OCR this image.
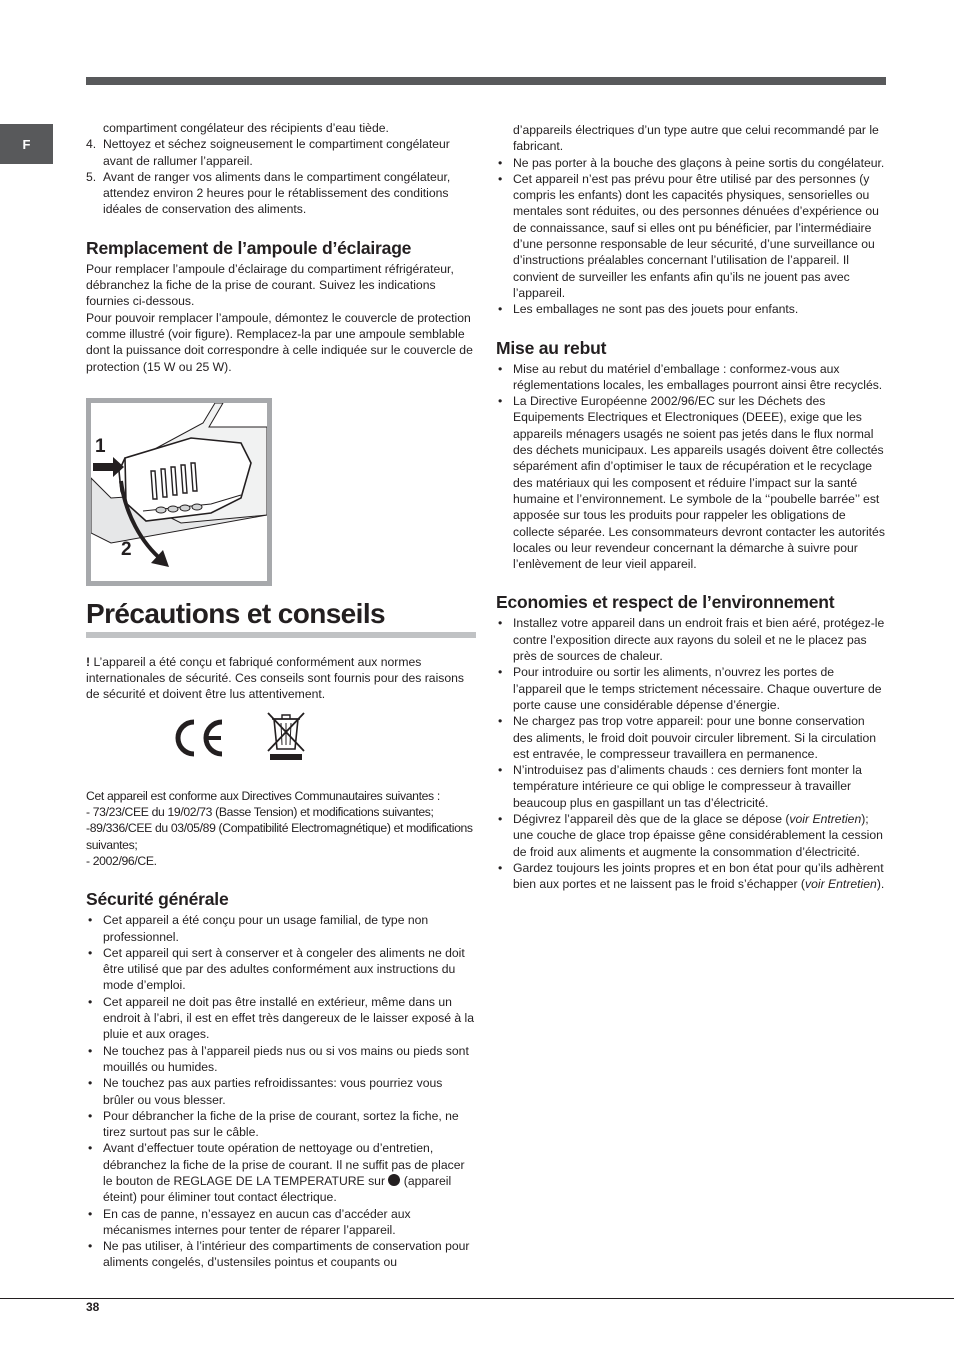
F

compartiment congélateur des récipients d’eau tiède.

4. Nettoyez et séchez soigneusement le compartiment congélateur avant de rallumer l’appareil.
5. Avant de ranger vos aliments dans le compartiment congélateur, attendez environ 2 heures pour le rétablissement des conditions idéales de conservation des aliments.
Remplacement de l’ampoule d’éclairage

Pour remplacer l’ampoule d’éclairage du compartiment réfrigérateur, débranchez la fiche de la prise de courant. Suivez les indications fournies ci-dessous.

Pour pouvoir remplacer l’ampoule, démontez le couvercle de protection comme illustré (voir figure). Remplacez-la par une ampoule semblable dont la puissance doit correspondre à celle indiquée sur le couvercle de protection (15 W ou 25 W).

1
2
Précautions et conseils

! L’appareil a été conçu et fabriqué conformément aux normes internationales de sécurité. Ces conseils sont fournis pour des raisons de sécurité et doivent être lus attentivement.

Cet appareil est conforme aux Directives Communautaires suivantes :

- 73/23/CEE du 19/02/73 (Basse Tension) et modifications suivantes;

-89/336/CEE du 03/05/89 (Compatibilité Electromagnétique) et modifications suivantes;

- 2002/96/CE.

Sécurité générale
• Cet appareil a été conçu pour un usage familial, de type non professionnel.
• Cet appareil qui sert à conserver et à congeler des aliments ne doit être utilisé que par des adultes conformément aux instructions du mode d’emploi.
• Cet appareil ne doit pas être installé en extérieur, même dans un endroit à l’abri, il est en effet très dangereux de le laisser exposé à la pluie et aux orages.
• Ne touchez pas à l’appareil pieds nus ou si vos mains ou pieds sont mouillés ou humides.
• Ne touchez pas aux parties refroidissantes: vous pourriez vous brûler ou vous blesser.
• Pour débrancher la fiche de la prise de courant, sortez la fiche, ne tirez surtout pas sur le câble.
• Avant d’effectuer toute opération de nettoyage ou d’entretien, débranchez la fiche de la prise de courant. Il ne suffit pas de placer le bouton de REGLAGE DE LA TEMPERATURE sur  (appareil éteint) pour éliminer tout contact électrique.
• En cas de panne, n’essayez en aucun cas d’accéder aux mécanismes internes pour tenter de réparer l’appareil.
• Ne pas utiliser, à l’intérieur des compartiments de conservation pour aliments congelés, d’ustensiles pointus et coupants ou

d’appareils électriques d’un type autre que celui recommandé par le fabricant.

• Ne pas porter à la bouche des glaçons à peine sortis du congélateur.
• Cet appareil n’est pas prévu pour être utilisé par des personnes (y compris les enfants) dont les capacités physiques, sensorielles ou mentales sont réduites, ou des personnes dénuées d’expérience ou de connaissance, sauf si elles ont pu bénéficier, par l’intermédiaire d’une personne responsable de leur sécurité, d’une surveillance ou d’instructions préalables concernant l’utilisation de l’appareil. Il convient de surveiller les enfants afin qu’ils ne jouent pas avec l’appareil.
• Les emballages ne sont pas des jouets pour enfants.
Mise au rebut
• Mise au rebut du matériel d’emballage : conformez-vous aux réglementations locales, les emballages pourront ainsi être recyclés.
• La Directive Européenne 2002/96/EC sur les Déchets des Equipements Electriques et Electroniques (DEEE), exige que les appareils ménagers usagés ne soient pas jetés dans le flux normal des déchets municipaux. Les appareils usagés doivent être collectés séparément afin d’optimiser le taux de récupération et le recyclage des matériaux qui les composent et réduire l’impact sur la santé humaine et l’environnement. Le symbole de la ‘‘poubelle barrée’’ est apposée sur tous les produits pour rappeler les obligations de collecte séparée. Les consommateurs devront contacter les autorités locales ou leur revendeur concernant la démarche à suivre pour l’enlèvement de leur vieil appareil.
Economies et respect de l’environnement
• Installez votre appareil dans un endroit frais et bien aéré, protégez-le contre l’exposition directe aux rayons du soleil et ne le placez pas près de sources de chaleur.
• Pour introduire ou sortir les aliments, n’ouvrez les portes de l’appareil que le temps strictement nécessaire. Chaque ouverture de porte cause une considérable dépense d’énergie.
• Ne chargez pas trop votre appareil: pour une bonne conservation des aliments, le froid doit pouvoir circuler librement. Si la circulation est entravée, le compresseur travaillera en permanence.
• N’introduisez pas d’aliments chauds : ces derniers font monter la température intérieure ce qui oblige le compresseur à travailler beaucoup plus en gaspillant un tas d’électricité.
• Dégivrez l’appareil dès que de la glace se dépose (voir Entretien); une couche de glace trop épaisse gêne considérablement la cession de froid aux aliments et augmente la consommation d’électricité.
• Gardez toujours les joints propres et en bon état pour qu’ils adhèrent bien aux portes et ne laissent pas le froid s’échapper (voir Entretien).
38
